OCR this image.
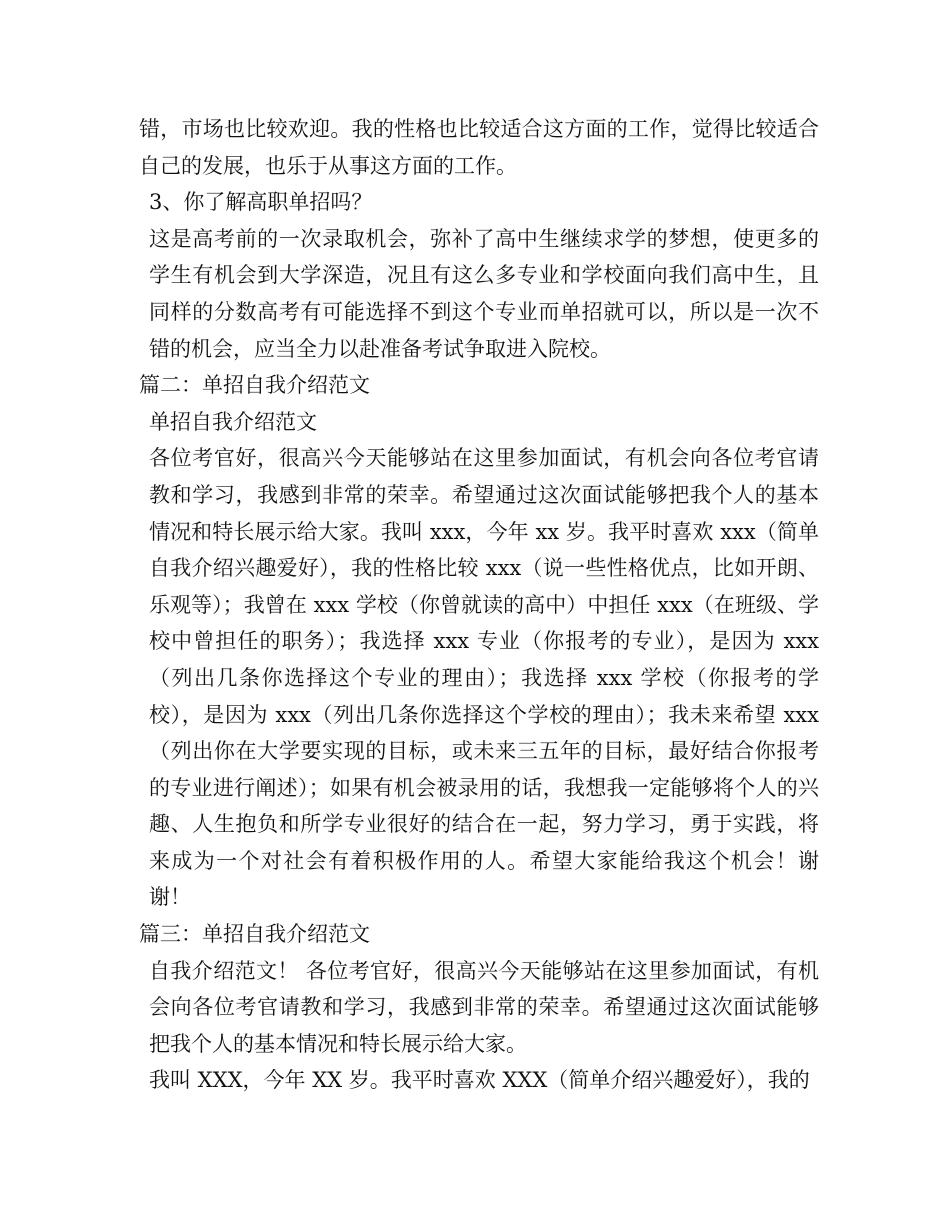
错，市场也比较欢迎。我的性格也比较适合这方面的工作，觉得比较适合自己的发展，也乐于从事这方面的工作。

3、你了解高职单招吗？

这是高考前的一次录取机会，弥补了高中生继续求学的梦想，使更多的学生有机会到大学深造，况且有这么多专业和学校面向我们高中生，且同样的分数高考有可能选择不到这个专业而单招就可以，所以是一次不错的机会，应当全力以赴准备考试争取进入院校。

篇二：单招自我介绍范文

单招自我介绍范文

各位考官好，很高兴今天能够站在这里参加面试，有机会向各位考官请教和学习，我感到非常的荣幸。希望通过这次面试能够把我个人的基本情况和特长展示给大家。我叫 xxx，今年 xx 岁。我平时喜欢 xxx（简单自我介绍兴趣爱好），我的性格比较 xxx（说一些性格优点，比如开朗、乐观等）；我曾在 xxx 学校（你曾就读的高中）中担任 xxx（在班级、学校中曾担任的职务）；我选择 xxx 专业（你报考的专业），是因为 xxx（列出几条你选择这个专业的理由）；我选择 xxx 学校（你报考的学校），是因为 xxx（列出几条你选择这个学校的理由）；我未来希望 xxx（列出你在大学要实现的目标，或未来三五年的目标，最好结合你报考的专业进行阐述）；如果有机会被录用的话，我想我一定能够将个人的兴趣、人生抱负和所学专业很好的结合在一起，努力学习，勇于实践，将来成为一个对社会有着积极作用的人。希望大家能给我这个机会！谢谢！

篇三：单招自我介绍范文

自我介绍范文！ 各位考官好，很高兴今天能够站在这里参加面试，有机会向各位考官请教和学习，我感到非常的荣幸。希望通过这次面试能够把我个人的基本情况和特长展示给大家。

我叫 XXX，今年 XX 岁。我平时喜欢 XXX（简单介绍兴趣爱好），我的
